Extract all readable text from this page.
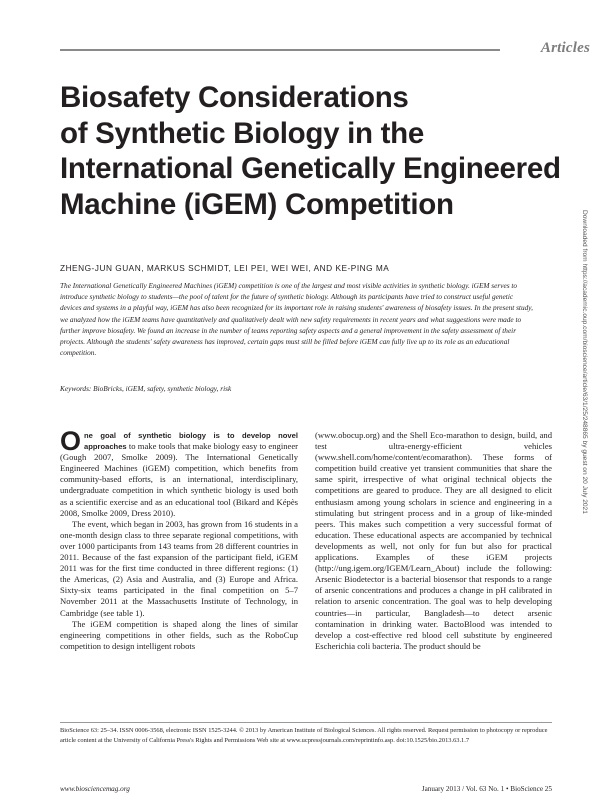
Articles
Biosafety Considerations
of Synthetic Biology in the
International Genetically Engineered
Machine (iGEM) Competition
ZHENG-JUN GUAN, MARKUS SCHMIDT, LEI PEI, WEI WEI, AND KE-PING MA

The International Genetically Engineered Machines (iGEM) competition is one of the largest and most visible activities in synthetic biology. iGEM serves to introduce synthetic biology to students—the pool of talent for the future of synthetic biology. Although its participants have tried to construct useful genetic devices and systems in a playful way, iGEM has also been recognized for its important role in raising students' awareness of biosafety issues. In the present study, we analyzed how the iGEM teams have quantitatively and qualitatively dealt with new safety requirements in recent years and what suggestions were made to further improve biosafety. We found an increase in the number of teams reporting safety aspects and a general improvement in the safety assessment of their projects. Although the students' safety awareness has improved, certain gaps must still be filled before iGEM can fully live up to its role as an educational competition.

Keywords: BioBricks, iGEM, safety, synthetic biology, risk

One goal of synthetic biology is to develop novel approaches to make tools that make biology easy to engineer (Gough 2007, Smolke 2009). The International Genetically Engineered Machines (iGEM) competition, which benefits from community-based efforts, is an international, interdisciplinary, undergraduate competition in which synthetic biology is used both as a scientific exercise and as an educational tool (Bikard and Képès 2008, Smolke 2009, Dress 2010).

The event, which began in 2003, has grown from 16 students in a one-month design class to three separate regional competitions, with over 1000 participants from 143 teams from 28 different countries in 2011. Because of the fast expansion of the participant field, iGEM 2011 was for the first time conducted in three different regions: (1) the Americas, (2) Asia and Australia, and (3) Europe and Africa. Sixty-six teams participated in the final competition on 5–7 November 2011 at the Massachusetts Institute of Technology, in Cambridge (see table 1).

The iGEM competition is shaped along the lines of similar engineering competitions in other fields, such as the RoboCup competition to design intelligent robots

(www.obocup.org) and the Shell Eco-marathon to design, build, and test ultra-energy-efficient vehicles (www.shell.com/home/content/ecomarathon). These forms of competition build creative yet transient communities that share the same spirit, irrespective of what original technical objects the competitions are geared to produce. They are all designed to elicit enthusiasm among young scholars in science and engineering in a stimulating but stringent process and in a group of like-minded peers. This makes such competition a very successful format of education. These educational aspects are accompanied by technical developments as well, not only for fun but also for practical applications. Examples of these iGEM projects (http://ung.igem.org/IGEM/Learn_About) include the following: Arsenic Biodetector is a bacterial biosensor that responds to a range of arsenic concentrations and produces a change in pH calibrated in relation to arsenic concentration. The goal was to help developing countries—in particular, Bangladesh—to detect arsenic contamination in drinking water. BactoBlood was intended to develop a cost-effective red blood cell substitute by engineered Escherichia coli bacteria. The product should be

BioScience 63: 25–34. ISSN 0006-3568, electronic ISSN 1525-3244. © 2013 by American Institute of Biological Sciences. All rights reserved. Request permission to photocopy or reproduce article content at the University of California Press's Rights and Permissions Web site at www.ucpressjournals.com/reprintinfo.asp. doi:10.1525/bio.2013.63.1.7

www.biosciencemag.org	January 2013 / Vol. 63 No. 1 • BioScience 25
Downloaded from https://academic.oup.com/bioscience/article/63/1/25/248865 by guest on 20 July 2021
